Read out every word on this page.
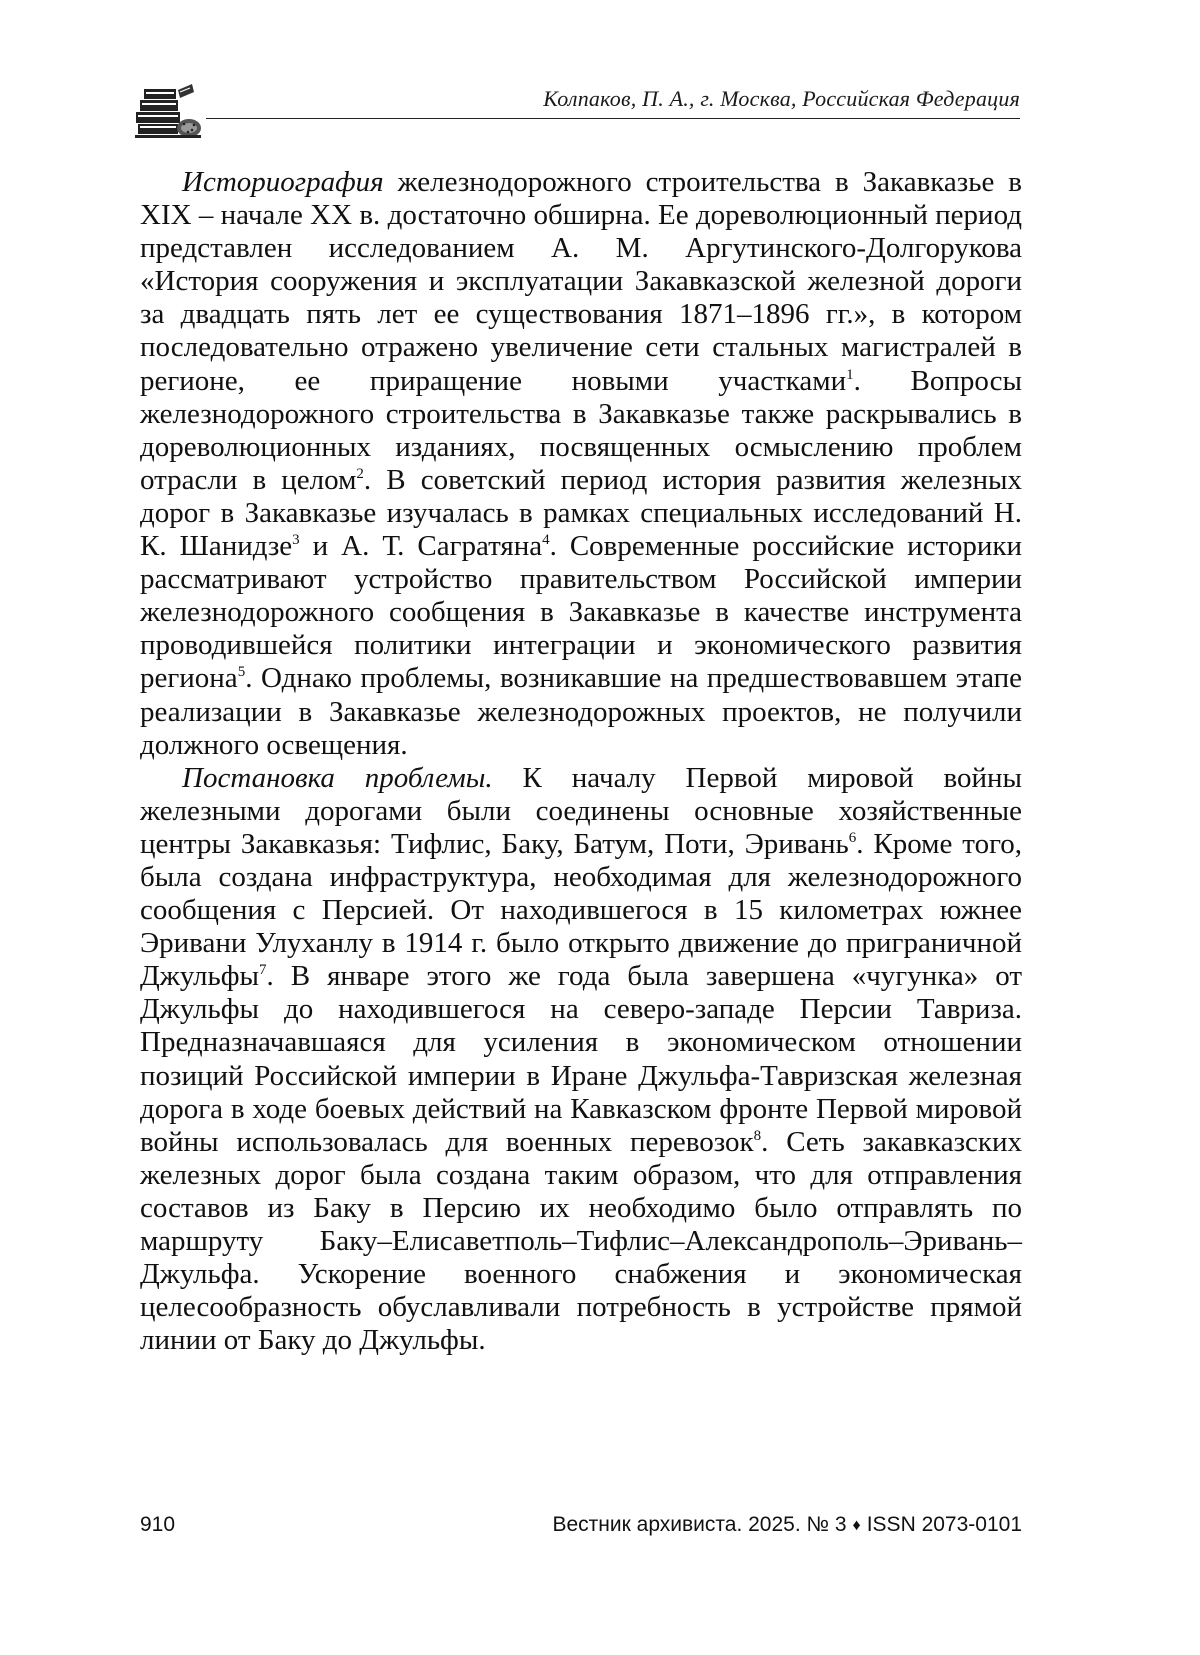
Колпаков, П. А., г. Москва, Российская Федерация

Историография железнодорожного строительства в Закавказье в XIX – начале XX в. достаточно обширна. Ее дореволюционный период представлен исследованием А. М. Аргутинского-Долгорукова «История сооружения и эксплуатации Закавказской железной дороги за двадцать пять лет ее существования 1871–1896 гг.», в котором последовательно отражено увеличение сети стальных магистралей в регионе, ее приращение новыми участками$^1$. Вопросы железнодорожного строительства в Закавказье также раскрывались в дореволюционных изданиях, посвященных осмыслению проблем отрасли в целом$^2$. В советский период история развития железных дорог в Закавказье изучалась в рамках специальных исследований Н. К. Шанидзе$^3$ и А. Т. Сагратяна$^4$. Современные российские историки рассматривают устройство правительством Российской империи железнодорожного сообщения в Закавказье в качестве инструмента проводившейся политики интеграции и экономического развития региона$^5$. Однако проблемы, возникавшие на предшествовавшем этапе реализации в Закавказье железнодорожных проектов, не получили должного освещения.

Постановка проблемы. К началу Первой мировой войны железными дорогами были соединены основные хозяйственные центры Закавказья: Тифлис, Баку, Батум, Поти, Эривань$^6$. Кроме того, была создана инфраструктура, необходимая для железнодорожного сообщения с Персией. От находившегося в 15 километрах южнее Эривани Улуханлу в 1914 г. было открыто движение до приграничной Джульфы$^7$. В январе этого же года была завершена «чугунка» от Джульфы до находившегося на северо-западе Персии Тавриза. Предназначавшаяся для усиления в экономическом отношении позиций Российской империи в Иране Джульфа-Тавризская железная дорога в ходе боевых действий на Кавказском фронте Первой мировой войны использовалась для военных перевозок$^8$. Сеть закавказских железных дорог была создана таким образом, что для отправления составов из Баку в Персию их необходимо было отправлять по маршруту Баку–Елисаветполь–Тифлис–Александрополь–Эривань–Джульфа. Ускорение военного снабжения и экономическая целесообразность обуславливали потребность в устройстве прямой линии от Баку до Джульфы.

910	Вестник архивиста. 2025. № 3 ♦ ISSN 2073-0101
